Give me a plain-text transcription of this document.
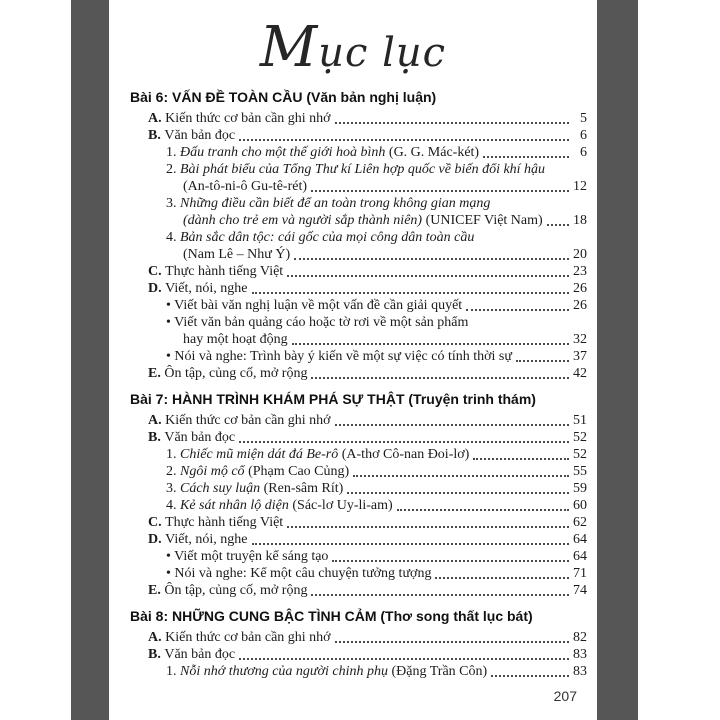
Mục lục
Bài 6: VẤN ĐỀ TOÀN CẦU (Văn bản nghị luận)
A. Kiến thức cơ bản cần ghi nhớ	5
B. Văn bản đọc	6
1. Đấu tranh cho một thế giới hoà bình (G. G. Mác-két)	6
2. Bài phát biểu của Tổng Thư kí Liên hợp quốc về biến đổi khí hậu
(An-tô-ni-ô Gu-tê-rét)	12
3. Những điều cần biết để an toàn trong không gian mạng
(dành cho trẻ em và người sắp thành niên) (UNICEF Việt Nam) 18
4. Bản sắc dân tộc: cái gốc của mọi công dân toàn cầu
(Nam Lê – Như Ý)	20
C. Thực hành tiếng Việt	23
D. Viết, nói, nghe	26
• Viết bài văn nghị luận về một vấn đề cần giải quyết	26
• Viết văn bản quảng cáo hoặc tờ rơi về một sản phẩm
hay một hoạt động	32
• Nói và nghe: Trình bày ý kiến về một sự việc có tính thời sự	37
E. Ôn tập, củng cố, mở rộng	42
Bài 7: HÀNH TRÌNH KHÁM PHÁ SỰ THẬT (Truyện trinh thám)
A. Kiến thức cơ bản cần ghi nhớ	51
B. Văn bản đọc	52
1. Chiếc mũ miện dát đá Be-rô (A-thơ Cô-nan Đoi-lơ)	52
2. Ngôi mộ cổ (Phạm Cao Củng)	55
3. Cách suy luận (Ren-sâm Rít)	59
4. Kẻ sát nhân lộ diện (Sác-lơ Uy-li-am)	60
C. Thực hành tiếng Việt	62
D. Viết, nói, nghe	64
• Viết một truyện kể sáng tạo	64
• Nói và nghe: Kể một câu chuyện tưởng tượng	71
E. Ôn tập, củng cố, mở rộng	74
Bài 8: NHỮNG CUNG BẬC TÌNH CẢM (Thơ song thất lục bát)
A. Kiến thức cơ bản cần ghi nhớ	82
B. Văn bản đọc	83
1. Nỗi nhớ thương của người chinh phụ (Đặng Trần Côn)	83
207
